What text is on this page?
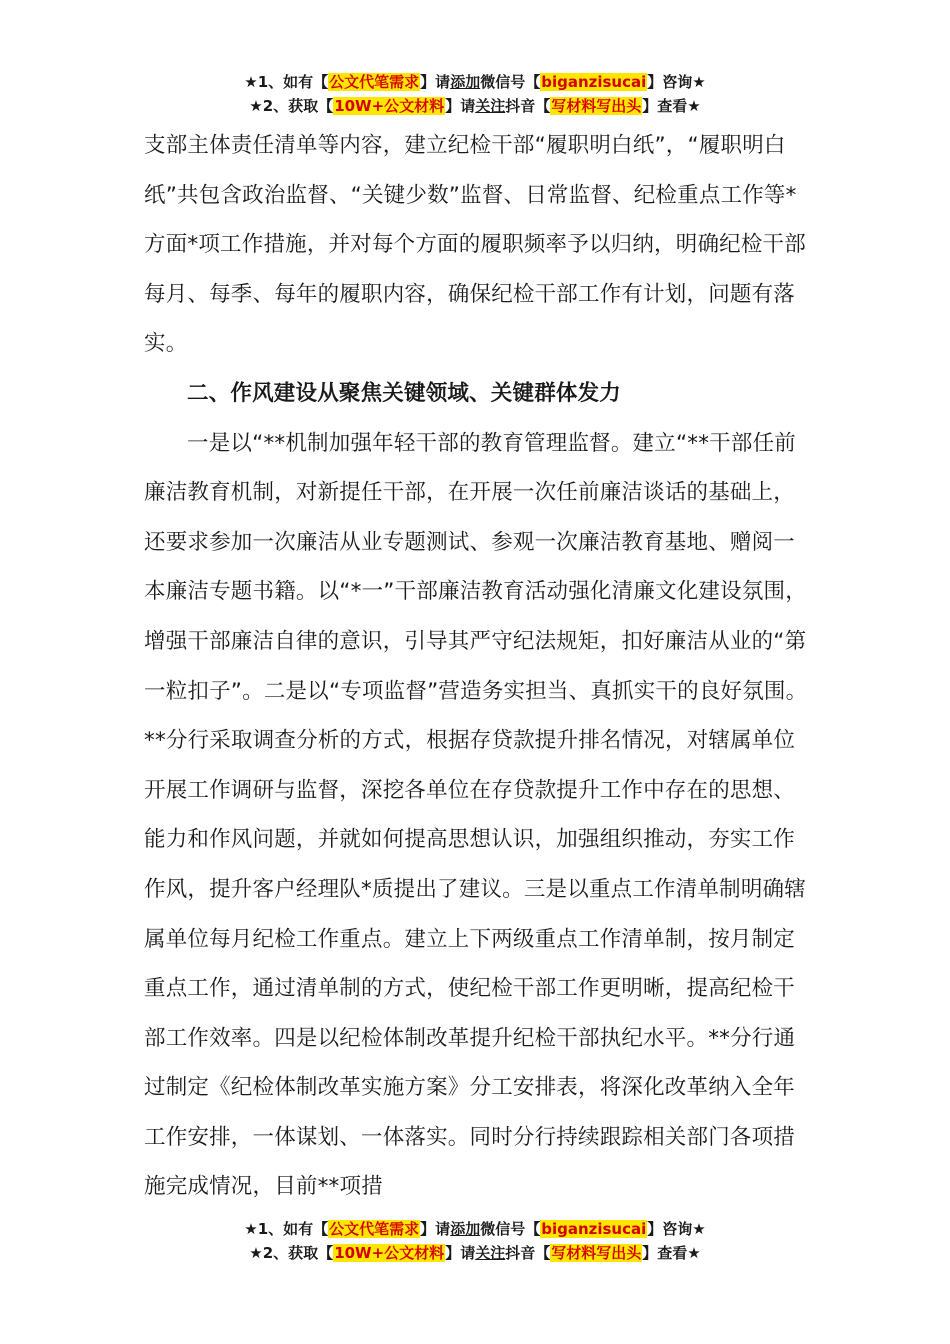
★1、如有【公文代笔需求】请添加微信号【biganzisucai】咨询★
★2、获取【10W+公文材料】请关注抖音【写材料写出头】查看★

支部主体责任清单等内容，建立纪检干部“履职明白纸”，“履职明白纸”共包含政治监督、“关键少数”监督、日常监督、纪检重点工作等*方面*项工作措施，并对每个方面的履职频率予以归纳，明确纪检干部每月、每季、每年的履职内容，确保纪检干部工作有计划，问题有落实。

二、作风建设从聚焦关键领域、关键群体发力

一是以“**机制加强年轻干部的教育管理监督。建立“**干部任前廉洁教育机制，对新提任干部，在开展一次任前廉洁谈话的基础上，还要求参加一次廉洁从业专题测试、参观一次廉洁教育基地、赠阅一本廉洁专题书籍。以“*一”干部廉洁教育活动强化清廉文化建设氛围，增强干部廉洁自律的意识，引导其严守纪法规矩，扣好廉洁从业的“第一粒扣子”。二是以“专项监督”营造务实担当、真抓实干的良好氛围。**分行采取调查分析的方式，根据存贷款提升排名情况，对辖属单位开展工作调研与监督，深挖各单位在存贷款提升工作中存在的思想、能力和作风问题，并就如何提高思想认识，加强组织推动，夯实工作作风，提升客户经理队*质提出了建议。三是以重点工作清单制明确辖属单位每月纪检工作重点。建立上下两级重点工作清单制，按月制定重点工作，通过清单制的方式，使纪检干部工作更明晰，提高纪检干部工作效率。四是以纪检体制改革提升纪检干部执纪水平。**分行通过制定《纪检体制改革实施方案》分工安排表，将深化改革纳入全年工作安排，一体谋划、一体落实。同时分行持续跟踪相关部门各项措施完成情况，目前**项措

★1、如有【公文代笔需求】请添加微信号【biganzisucai】咨询★
★2、获取【10W+公文材料】请关注抖音【写材料写出头】查看★
